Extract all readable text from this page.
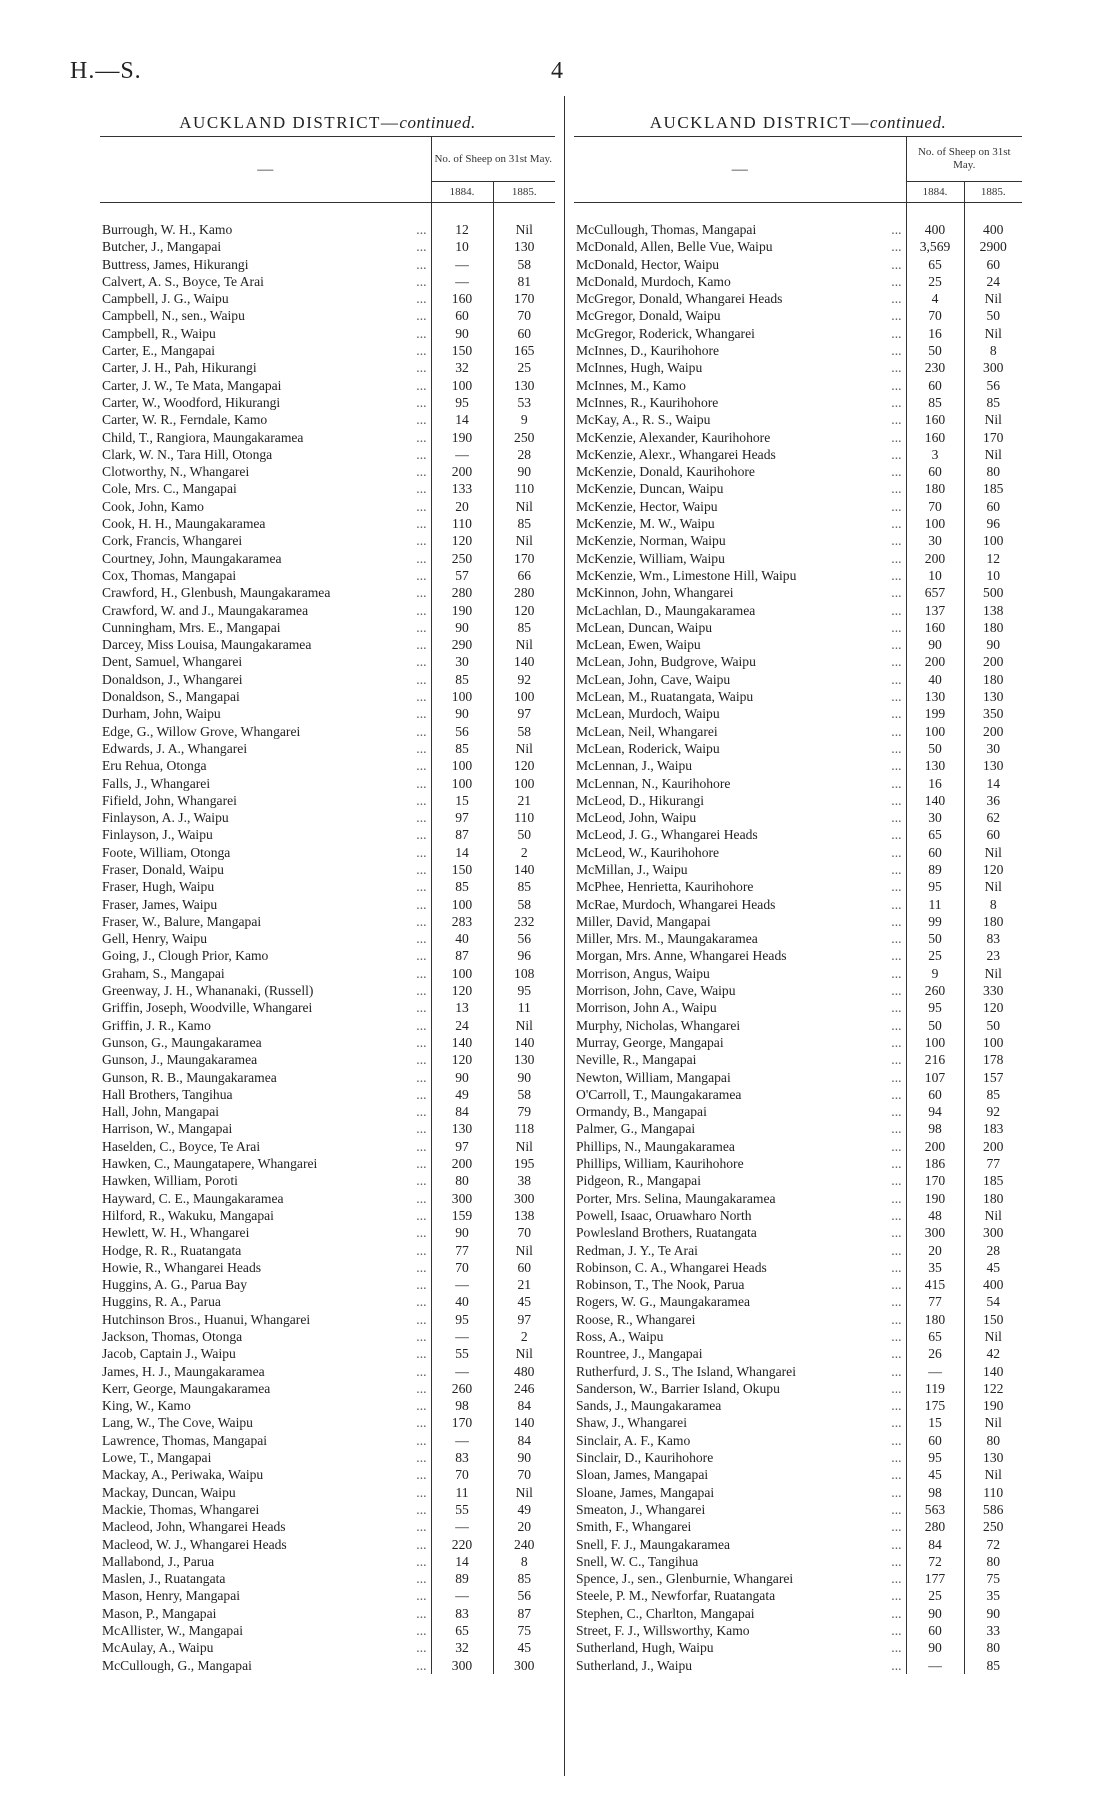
H.—S.	4
AUCKLAND DISTRICT—continued.
—	No. of Sheep on 31st May.	
	1884.	1885.

...
Burrough, W. H., Kamo	12	Nil

...
Butcher, J., Mangapai	10	130

...
Buttress, James, Hikurangi	—	58

...
Calvert, A. S., Boyce, Te Arai	—	81

...
Campbell, J. G., Waipu	160	170

...
Campbell, N., sen., Waipu	60	70

...
Campbell, R., Waipu	90	60

...
Carter, E., Mangapai	150	165

...
Carter, J. H., Pah, Hikurangi	32	25

...
Carter, J. W., Te Mata, Mangapai	100	130

...
Carter, W., Woodford, Hikurangi	95	53

...
Carter, W. R., Ferndale, Kamo	14	9

...
Child, T., Rangiora, Maungakaramea	190	250

...
Clark, W. N., Tara Hill, Otonga	—	28

...
Clotworthy, N., Whangarei	200	90

...
Cole, Mrs. C., Mangapai	133	110

...
Cook, John, Kamo	20	Nil

...
Cook, H. H., Maungakaramea	110	85

...
Cork, Francis, Whangarei	120	Nil

...
Courtney, John, Maungakaramea	250	170

...
Cox, Thomas, Mangapai	57	66

...
Crawford, H., Glenbush, Maungakaramea	280	280

...
Crawford, W. and J., Maungakaramea	190	120

...
Cunningham, Mrs. E., Mangapai	90	85

...
Darcey, Miss Louisa, Maungakaramea	290	Nil

...
Dent, Samuel, Whangarei	30	140

...
Donaldson, J., Whangarei	85	92

...
Donaldson, S., Mangapai	100	100

...
Durham, John, Waipu	90	97

...
Edge, G., Willow Grove, Whangarei	56	58

...
Edwards, J. A., Whangarei	85	Nil

...
Eru Rehua, Otonga	100	120

...
Falls, J., Whangarei	100	100

...
Fifield, John, Whangarei	15	21

...
Finlayson, A. J., Waipu	97	110

...
Finlayson, J., Waipu	87	50

...
Foote, William, Otonga	14	2

...
Fraser, Donald, Waipu	150	140

...
Fraser, Hugh, Waipu	85	85

...
Fraser, James, Waipu	100	58

...
Fraser, W., Balure, Mangapai	283	232

...
Gell, Henry, Waipu	40	56

...
Going, J., Clough Prior, Kamo	87	96

...
Graham, S., Mangapai	100	108

...
Greenway, J. H., Whananaki, (Russell)	120	95

...
Griffin, Joseph, Woodville, Whangarei	13	11

...
Griffin, J. R., Kamo	24	Nil

...
Gunson, G., Maungakaramea	140	140

...
Gunson, J., Maungakaramea	120	130

...
Gunson, R. B., Maungakaramea	90	90

...
Hall Brothers, Tangihua	49	58

...
Hall, John, Mangapai	84	79

...
Harrison, W., Mangapai	130	118

...
Haselden, C., Boyce, Te Arai	97	Nil

...
Hawken, C., Maungatapere, Whangarei	200	195

...
Hawken, William, Poroti	80	38

...
Hayward, C. E., Maungakaramea	300	300

...
Hilford, R., Wakuku, Mangapai	159	138

...
Hewlett, W. H., Whangarei	90	70

...
Hodge, R. R., Ruatangata	77	Nil

...
Howie, R., Whangarei Heads	70	60

...
Huggins, A. G., Parua Bay	—	21

...
Huggins, R. A., Parua	40	45

...
Hutchinson Bros., Huanui, Whangarei	95	97

...
Jackson, Thomas, Otonga	—	2

...
Jacob, Captain J., Waipu	55	Nil

...
James, H. J., Maungakaramea	—	480

...
Kerr, George, Maungakaramea	260	246

...
King, W., Kamo	98	84

...
Lang, W., The Cove, Waipu	170	140

...
Lawrence, Thomas, Mangapai	—	84

...
Lowe, T., Mangapai	83	90

...
Mackay, A., Periwaka, Waipu	70	70

...
Mackay, Duncan, Waipu	11	Nil

...
Mackie, Thomas, Whangarei	55	49

...
Macleod, John, Whangarei Heads	—	20

...
Macleod, W. J., Whangarei Heads	220	240

...
Mallabond, J., Parua	14	8

...
Maslen, J., Ruatangata	89	85

...
Mason, Henry, Mangapai	—	56

...
Mason, P., Mangapai	83	87

...
McAllister, W., Mangapai	65	75

...
McAulay, A., Waipu	32	45

...
McCullough, G., Mangapai	300	300
AUCKLAND DISTRICT—continued.
—	No. of Sheep on 31st May.	
	1884.	1885.

...
McCullough, Thomas, Mangapai	400	400

...
McDonald, Allen, Belle Vue, Waipu	3,569	2900

...
McDonald, Hector, Waipu	65	60

...
McDonald, Murdoch, Kamo	25	24

...
McGregor, Donald, Whangarei Heads	4	Nil

...
McGregor, Donald, Waipu	70	50

...
McGregor, Roderick, Whangarei	16	Nil

...
McInnes, D., Kaurihohore	50	8

...
McInnes, Hugh, Waipu	230	300

...
McInnes, M., Kamo	60	56

...
McInnes, R., Kaurihohore	85	85

...
McKay, A., R. S., Waipu	160	Nil

...
McKenzie, Alexander, Kaurihohore	160	170

...
McKenzie, Alexr., Whangarei Heads	3	Nil

...
McKenzie, Donald, Kaurihohore	60	80

...
McKenzie, Duncan, Waipu	180	185

...
McKenzie, Hector, Waipu	70	60

...
McKenzie, M. W., Waipu	100	96

...
McKenzie, Norman, Waipu	30	100

...
McKenzie, William, Waipu	200	12

...
McKenzie, Wm., Limestone Hill, Waipu	10	10

...
McKinnon, John, Whangarei	657	500

...
McLachlan, D., Maungakaramea	137	138

...
McLean, Duncan, Waipu	160	180

...
McLean, Ewen, Waipu	90	90

...
McLean, John, Budgrove, Waipu	200	200

...
McLean, John, Cave, Waipu	40	180

...
McLean, M., Ruatangata, Waipu	130	130

...
McLean, Murdoch, Waipu	199	350

...
McLean, Neil, Whangarei	100	200

...
McLean, Roderick, Waipu	50	30

...
McLennan, J., Waipu	130	130

...
McLennan, N., Kaurihohore	16	14

...
McLeod, D., Hikurangi	140	36

...
McLeod, John, Waipu	30	62

...
McLeod, J. G., Whangarei Heads	65	60

...
McLeod, W., Kaurihohore	60	Nil

...
McMillan, J., Waipu	89	120

...
McPhee, Henrietta, Kaurihohore	95	Nil

...
McRae, Murdoch, Whangarei Heads	11	8

...
Miller, David, Mangapai	99	180

...
Miller, Mrs. M., Maungakaramea	50	83

...
Morgan, Mrs. Anne, Whangarei Heads	25	23

...
Morrison, Angus, Waipu	9	Nil

...
Morrison, John, Cave, Waipu	260	330

...
Morrison, John A., Waipu	95	120

...
Murphy, Nicholas, Whangarei	50	50

...
Murray, George, Mangapai	100	100

...
Neville, R., Mangapai	216	178

...
Newton, William, Mangapai	107	157

...
O'Carroll, T., Maungakaramea	60	85

...
Ormandy, B., Mangapai	94	92

...
Palmer, G., Mangapai	98	183

...
Phillips, N., Maungakaramea	200	200

...
Phillips, William, Kaurihohore	186	77

...
Pidgeon, R., Mangapai	170	185

...
Porter, Mrs. Selina, Maungakaramea	190	180

...
Powell, Isaac, Oruawharo North	48	Nil

...
Powlesland Brothers, Ruatangata	300	300

...
Redman, J. Y., Te Arai	20	28

...
Robinson, C. A., Whangarei Heads	35	45

...
Robinson, T., The Nook, Parua	415	400

...
Rogers, W. G., Maungakaramea	77	54

...
Roose, R., Whangarei	180	150

...
Ross, A., Waipu	65	Nil

...
Rountree, J., Mangapai	26	42

...
Rutherfurd, J. S., The Island, Whangarei	—	140

...
Sanderson, W., Barrier Island, Okupu	119	122

...
Sands, J., Maungakaramea	175	190

...
Shaw, J., Whangarei	15	Nil

...
Sinclair, A. F., Kamo	60	80

...
Sinclair, D., Kaurihohore	95	130

...
Sloan, James, Mangapai	45	Nil

...
Sloane, James, Mangapai	98	110

...
Smeaton, J., Whangarei	563	586

...
Smith, F., Whangarei	280	250

...
Snell, F. J., Maungakaramea	84	72

...
Snell, W. C., Tangihua	72	80

...
Spence, J., sen., Glenburnie, Whangarei	177	75

...
Steele, P. M., Newforfar, Ruatangata	25	35

...
Stephen, C., Charlton, Mangapai	90	90

...
Street, F. J., Willsworthy, Kamo	60	33

...
Sutherland, Hugh, Waipu	90	80

...
Sutherland, J., Waipu	—	85
